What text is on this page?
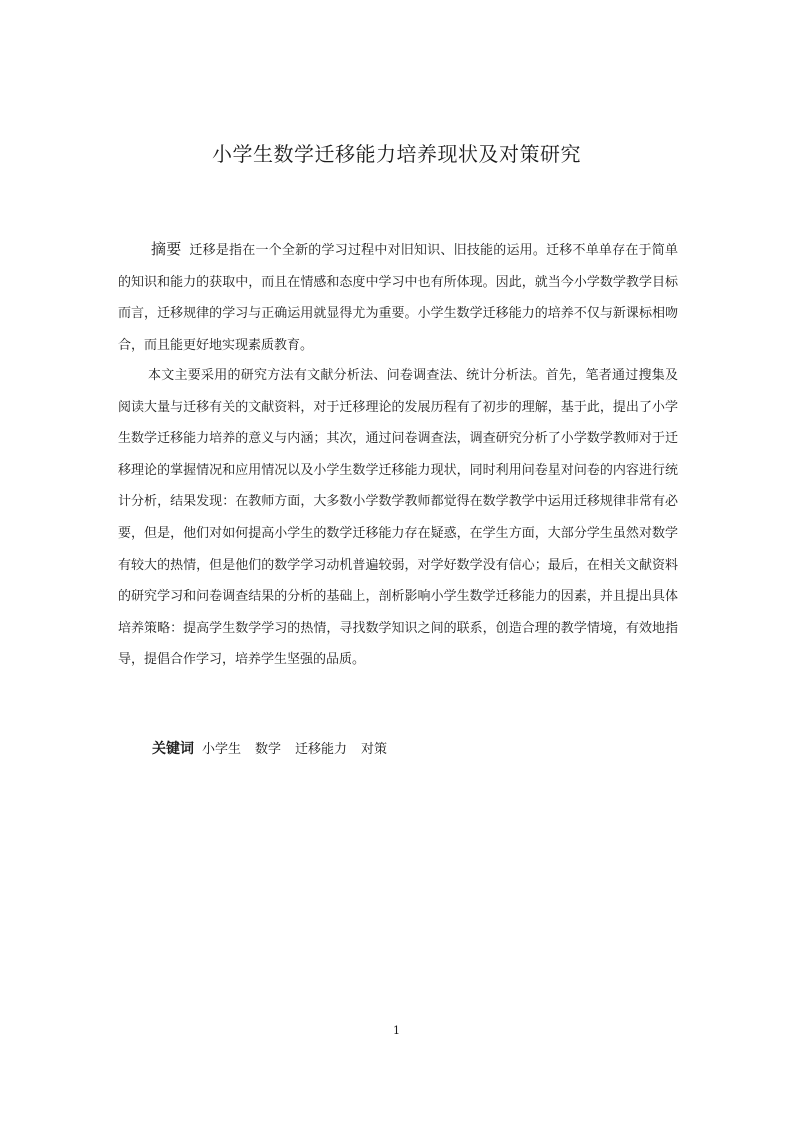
小学生数学迁移能力培养现状及对策研究

摘要 迁移是指在一个全新的学习过程中对旧知识、旧技能的运用。迁移不单单存在于简单的知识和能力的获取中，而且在情感和态度中学习中也有所体现。因此，就当今小学数学教学目标而言，迁移规律的学习与正确运用就显得尤为重要。小学生数学迁移能力的培养不仅与新课标相吻合，而且能更好地实现素质教育。

本文主要采用的研究方法有文献分析法、问卷调查法、统计分析法。首先，笔者通过搜集及阅读大量与迁移有关的文献资料，对于迁移理论的发展历程有了初步的理解，基于此，提出了小学生数学迁移能力培养的意义与内涵；其次，通过问卷调查法，调查研究分析了小学数学教师对于迁移理论的掌握情况和应用情况以及小学生数学迁移能力现状，同时利用问卷星对问卷的内容进行统计分析，结果发现：在教师方面，大多数小学数学教师都觉得在数学教学中运用迁移规律非常有必要，但是，他们对如何提高小学生的数学迁移能力存在疑惑，在学生方面，大部分学生虽然对数学有较大的热情，但是他们的数学学习动机普遍较弱，对学好数学没有信心；最后，在相关文献资料的研究学习和问卷调查结果的分析的基础上，剖析影响小学生数学迁移能力的因素，并且提出具体培养策略：提高学生数学学习的热情，寻找数学知识之间的联系，创造合理的教学情境，有效地指导，提倡合作学习，培养学生坚强的品质。

关键词 小学生 数学 迁移能力 对策

1
